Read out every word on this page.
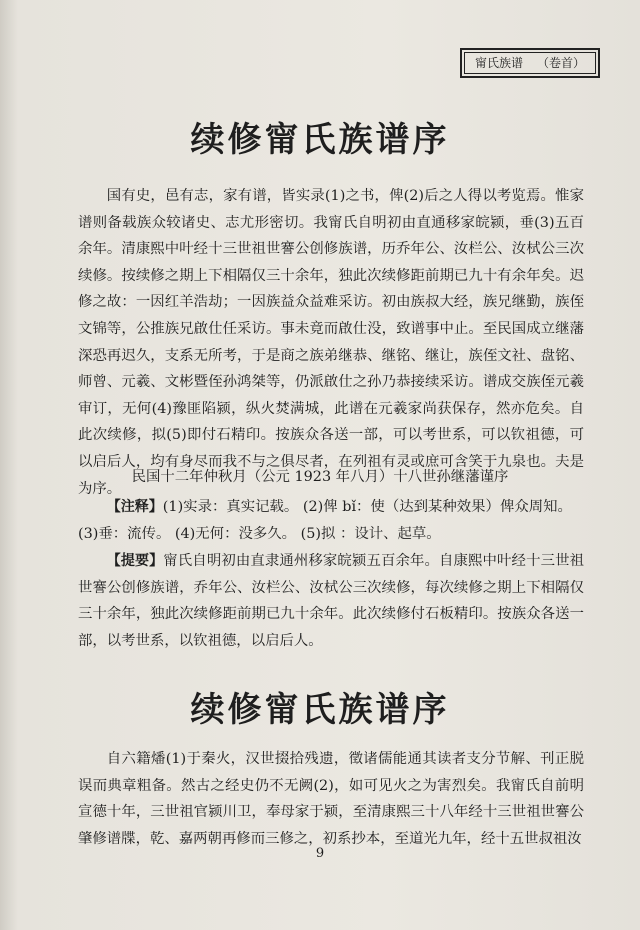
甯氏族谱 （卷首）
续修甯氏族谱序

国有史，邑有志，家有谱，皆实录(1)之书，俾(2)后之人得以考览焉。惟家谱则备载族众较诸史、志尤形密切。我甯氏自明初由直通移家皖颍，垂(3)五百余年。清康熙中叶经十三世祖世謇公创修族谱，历乔年公、汝栏公、汝栻公三次续修。按续修之期上下相隔仅三十余年，独此次续修距前期已九十有余年矣。迟修之故：一因红羊浩劫；一因族益众益难采访。初由族叔大经，族兄继勤，族侄文锦等，公推族兄啟仕任采访。事未竟而啟仕没，致谱事中止。至民国成立继藩深恐再迟久，支系无所考，于是商之族弟继恭、继铭、继让，族侄文社、盘铭、师曾、元羲、文彬暨侄孙鸿桀等，仍派啟仕之孙乃恭接续采访。谱成交族侄元羲审订，无何(4)豫匪陷颍，纵火焚满城，此谱在元羲家尚获保存，然亦危矣。自此次续修，拟(5)即付石精印。按族众各送一部，可以考世系，可以钦祖德，可以启后人，均有身尽而我不与之俱尽者，在列祖有灵或庶可含笑于九泉也。夫是为序。

民国十二年仲秋月（公元 1923 年八月）十八世孙继藩谨序
【注释】(1)实录：真实记载。 (2)俾 bǐ：使（达到某种效果）俾众周知。
(3)垂：流传。 (4)无何：没多久。 (5)拟 ：设计、起草。

【提要】甯氏自明初由直隶通州移家皖颍五百余年。自康熙中叶经十三世祖世謇公创修族谱，乔年公、汝栏公、汝栻公三次续修，每次续修之期上下相隔仅三十余年，独此次续修距前期已九十余年。此次续修付石板精印。按族众各送一部，以考世系，以钦祖德，以启后人。

续修甯氏族谱序

自六籍燔(1)于秦火，汉世掇拾残遗，徵诸儒能通其读者支分节解、刊正脱误而典章粗备。然古之经史仍不无阙(2)，如可见火之为害烈矣。我甯氏自前明宣德十年，三世祖官颍川卫，奉母家于颍，至清康熙三十八年经十三世祖世謇公肇修谱牒，乾、嘉两朝再修而三修之，初系抄本，至道光九年，经十五世叔祖汝

9
